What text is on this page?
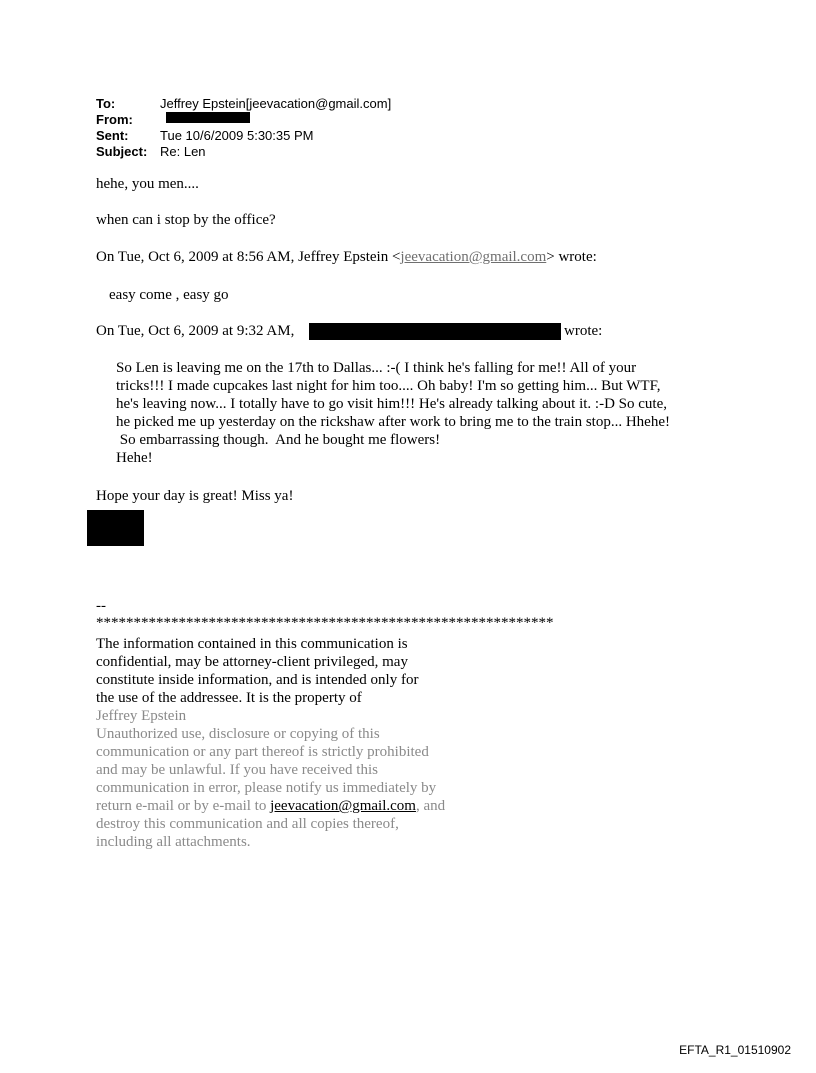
To:	Jeffrey Epstein[jeevacation@gmail.com]
From:
Sent: Tue 10/6/2009 5:30:35 PM
Subject: Re: Len
hehe, you men....
when can i stop by the office?
On Tue, Oct 6, 2009 at 8:56 AM, Jeffrey Epstein <jeevacation@gmail.com> wrote:
easy come , easy go
On Tue, Oct 6, 2009 at 9:32 AM,	wrote:
So Len is leaving me on the 17th to Dallas... :-( I think he's falling for me!! All of your
tricks!!! I made cupcakes last night for him too.... Oh baby! I'm so getting him... But WTF,
he's leaving now... I totally have to go visit him!!! He's already talking about it. :-D So cute,
he picked me up yesterday on the rickshaw after work to bring me to the train stop... Hhehe!
So embarrassing though.  And he bought me flowers!
Hehe!
Hope your day is great! Miss ya!
--
*************************************************************
The information contained in this communication is
confidential, may be attorney-client privileged, may
constitute inside information, and is intended only for
the use of the addressee. It is the property of
Jeffrey Epstein
Unauthorized use, disclosure or copying of this
communication or any part thereof is strictly prohibited
and may be unlawful. If you have received this
communication in error, please notify us immediately by
return e-mail or by e-mail to jeevacation@gmail.com, and
destroy this communication and all copies thereof,
including all attachments.
EFTA_R1_01510902
